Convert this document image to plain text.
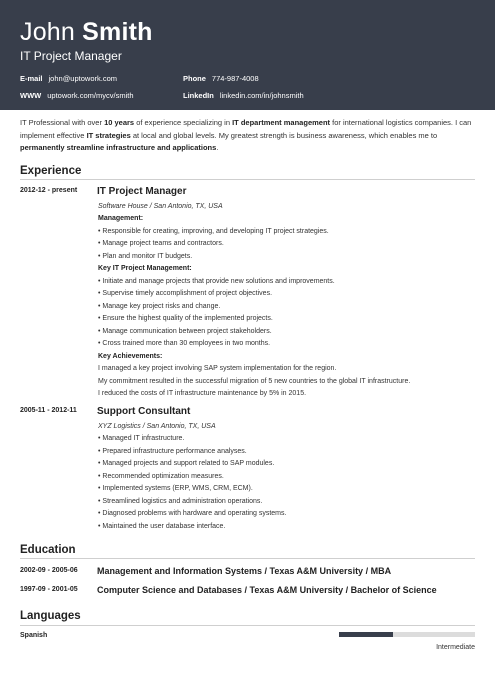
John Smith
IT Project Manager
E-mail john@uptowork.com	Phone 774-987-4008
WWW uptowork.com/mycv/smith	LinkedIn linkedin.com/in/johnsmith
IT Professional with over 10 years of experience specializing in IT department management for international logistics companies. I can implement effective IT strategies at local and global levels. My greatest strength is business awareness, which enables me to permanently streamline infrastructure and applications.
Experience
2012-12 - present IT Project Manager
Software House / San Antonio, TX, USA
Management:
• Responsible for creating, improving, and developing IT project strategies.
• Manage project teams and contractors.
• Plan and monitor IT budgets.
Key IT Project Management:
• Initiate and manage projects that provide new solutions and improvements.
• Supervise timely accomplishment of project objectives.
• Manage key project risks and change.
• Ensure the highest quality of the implemented projects.
• Manage communication between project stakeholders.
• Cross trained more than 30 employees in two months.
Key Achievements:
I managed a key project involving SAP system implementation for the region.
My commitment resulted in the successful migration of 5 new countries to the global IT infrastructure.
I reduced the costs of IT infrastructure maintenance by 5% in 2015.
2005-11 - 2012-11 Support Consultant
XYZ Logistics / San Antonio, TX, USA
• Managed IT infrastructure.
• Prepared infrastructure performance analyses.
• Managed projects and support related to SAP modules.
• Recommended optimization measures.
• Implemented systems (ERP, WMS, CRM, ECM).
• Streamlined logistics and administration operations.
• Diagnosed problems with hardware and operating systems.
• Maintained the user database interface.
Education
2002-09 - 2005-06 Management and Information Systems / Texas A&M University / MBA
1997-09 - 2001-05 Computer Science and Databases / Texas A&M University / Bachelor of Science
Languages
Spanish
Intermediate
